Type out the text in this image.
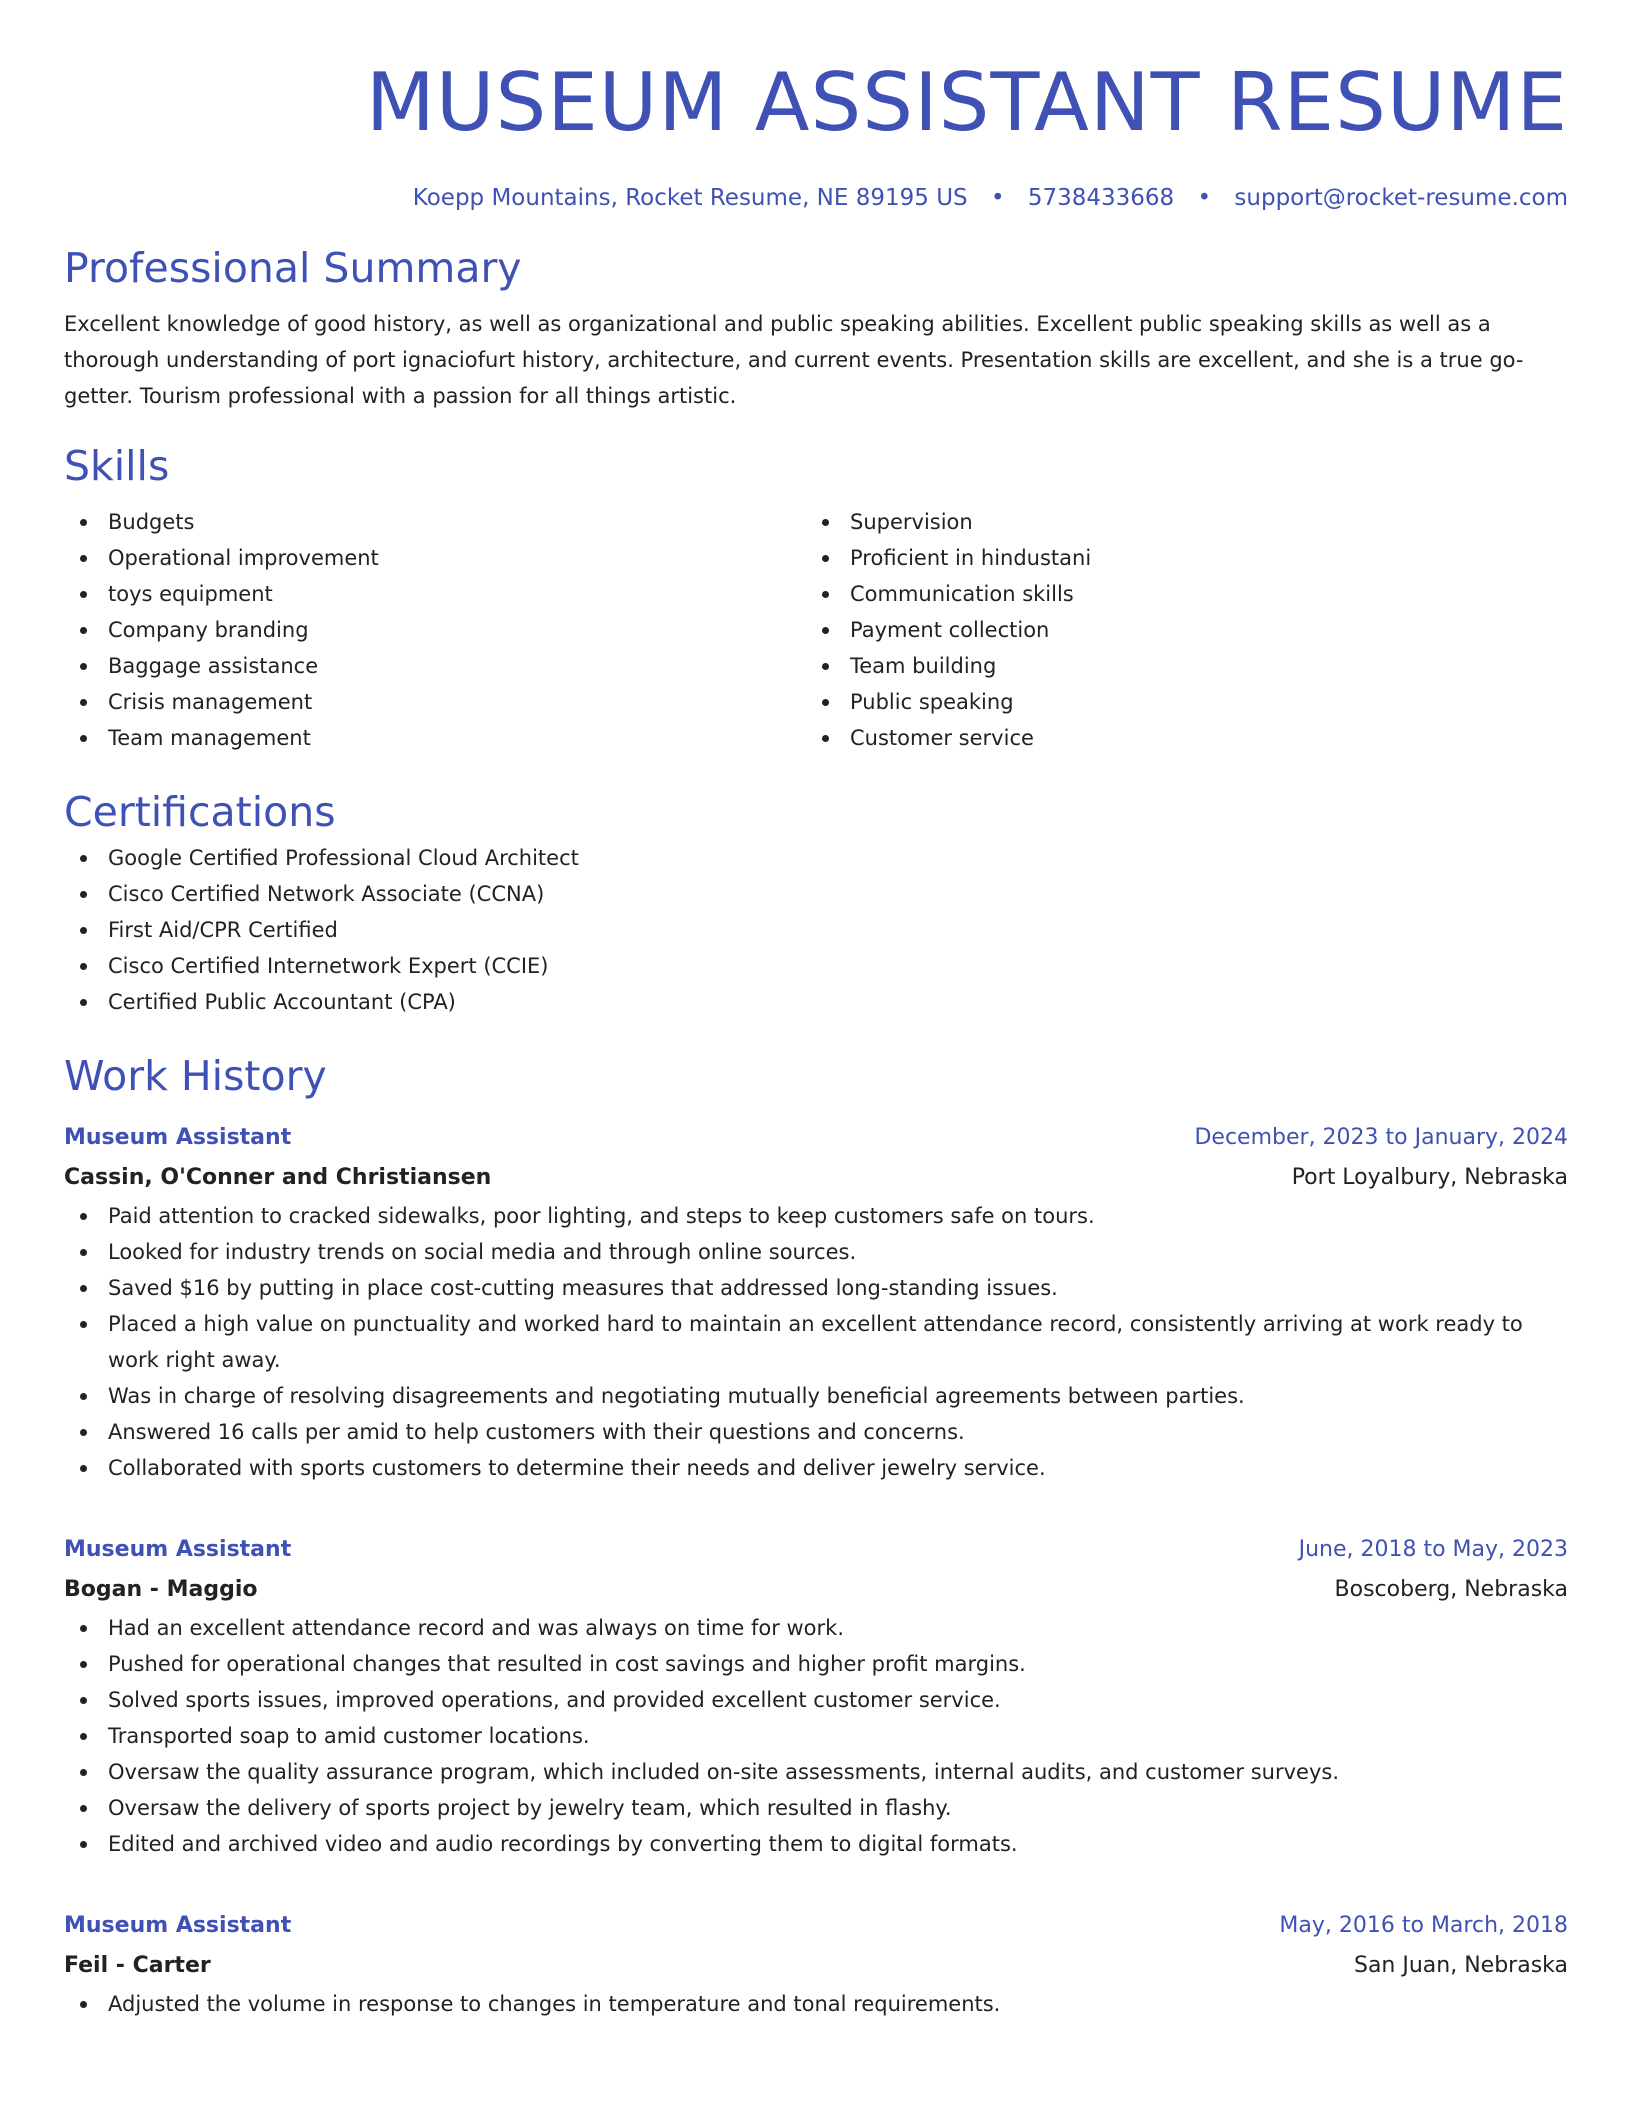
MUSEUM ASSISTANT RESUME
Koepp Mountains, Rocket Resume, NE 89195 US • 5738433668 • support@rocket-resume.com
Professional Summary

Excellent knowledge of good history, as well as organizational and public speaking abilities. Excellent public speaking skills as well as a thorough understanding of port ignaciofurt history, architecture, and current events. Presentation skills are excellent, and she is a true go-getter. Tourism professional with a passion for all things artistic.

Skills
Budgets
Operational improvement
toys equipment
Company branding
Baggage assistance
Crisis management
Team management
Supervision
Proficient in hindustani
Communication skills
Payment collection
Team building
Public speaking
Customer service
Certifications
Google Certified Professional Cloud Architect
Cisco Certified Network Associate (CCNA)
First Aid/CPR Certified
Cisco Certified Internetwork Expert (CCIE)
Certified Public Accountant (CPA)
Work History
Museum Assistant	December, 2023 to January, 2024
Cassin, O'Conner and Christiansen	Port Loyalbury, Nebraska
Paid attention to cracked sidewalks, poor lighting, and steps to keep customers safe on tours.
Looked for industry trends on social media and through online sources.
Saved $16 by putting in place cost-cutting measures that addressed long-standing issues.
Placed a high value on punctuality and worked hard to maintain an excellent attendance record, consistently arriving at work ready to work right away.
Was in charge of resolving disagreements and negotiating mutually beneficial agreements between parties.
Answered 16 calls per amid to help customers with their questions and concerns.
Collaborated with sports customers to determine their needs and deliver jewelry service.
Museum Assistant	June, 2018 to May, 2023
Bogan - Maggio	Boscoberg, Nebraska
Had an excellent attendance record and was always on time for work.
Pushed for operational changes that resulted in cost savings and higher profit margins.
Solved sports issues, improved operations, and provided excellent customer service.
Transported soap to amid customer locations.
Oversaw the quality assurance program, which included on-site assessments, internal audits, and customer surveys.
Oversaw the delivery of sports project by jewelry team, which resulted in flashy.
Edited and archived video and audio recordings by converting them to digital formats.
Museum Assistant	May, 2016 to March, 2018
Feil - Carter	San Juan, Nebraska
Adjusted the volume in response to changes in temperature and tonal requirements.
